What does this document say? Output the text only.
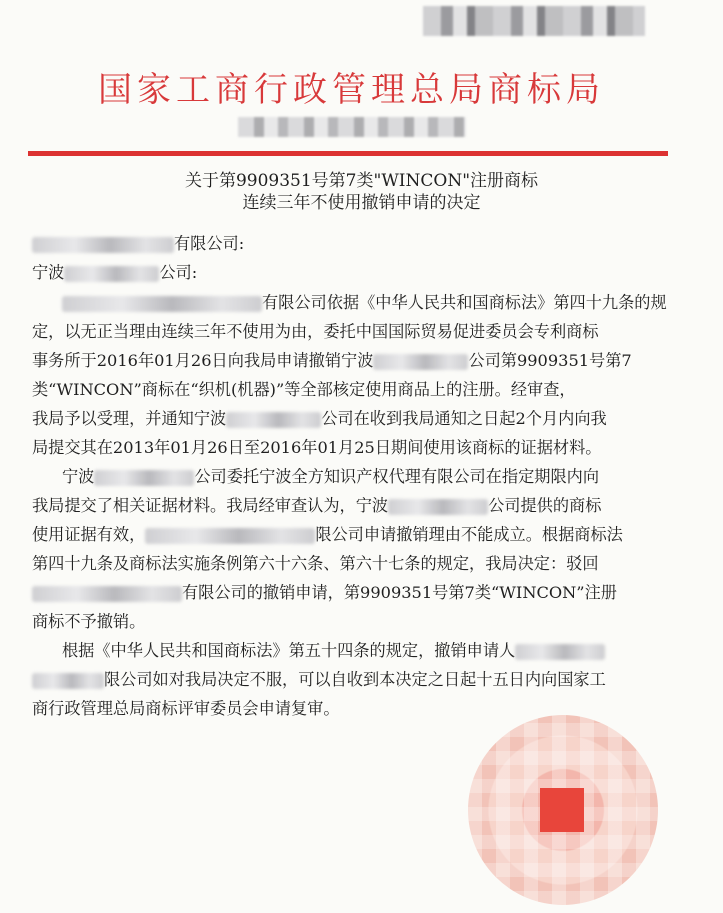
国家工商行政管理总局商标局
关于第9909351号第7类"WINCON"注册商标
连续三年不使用撤销申请的决定
有限公司:
宁波	公司:
有限公司依据《中华人民共和国商标法》第四十九条的规
定，以无正当理由连续三年不使用为由，委托中国国际贸易促进委员会专利商标
事务所于2016年01月26日向我局申请撤销宁波	公司第9909351号第7
类“WINCON”商标在“织机(机器)”等全部核定使用商品上的注册。经审查，
我局予以受理，并通知宁波	公司在收到我局通知之日起2个月内向我
局提交其在2013年01月26日至2016年01月25日期间使用该商标的证据材料。
宁波	公司委托宁波全方知识产权代理有限公司在指定期限内向
我局提交了相关证据材料。我局经审查认为，宁波	公司提供的商标
使用证据有效，	限公司申请撤销理由不能成立。根据商标法
第四十九条及商标法实施条例第六十六条、第六十七条的规定，我局决定：驳回
有限公司的撤销申请，第9909351号第7类“WINCON”注册
商标不予撤销。
根据《中华人民共和国商标法》第五十四条的规定，撤销申请人
限公司如对我局决定不服，可以自收到本决定之日起十五日内向国家工
商行政管理总局商标评审委员会申请复审。
